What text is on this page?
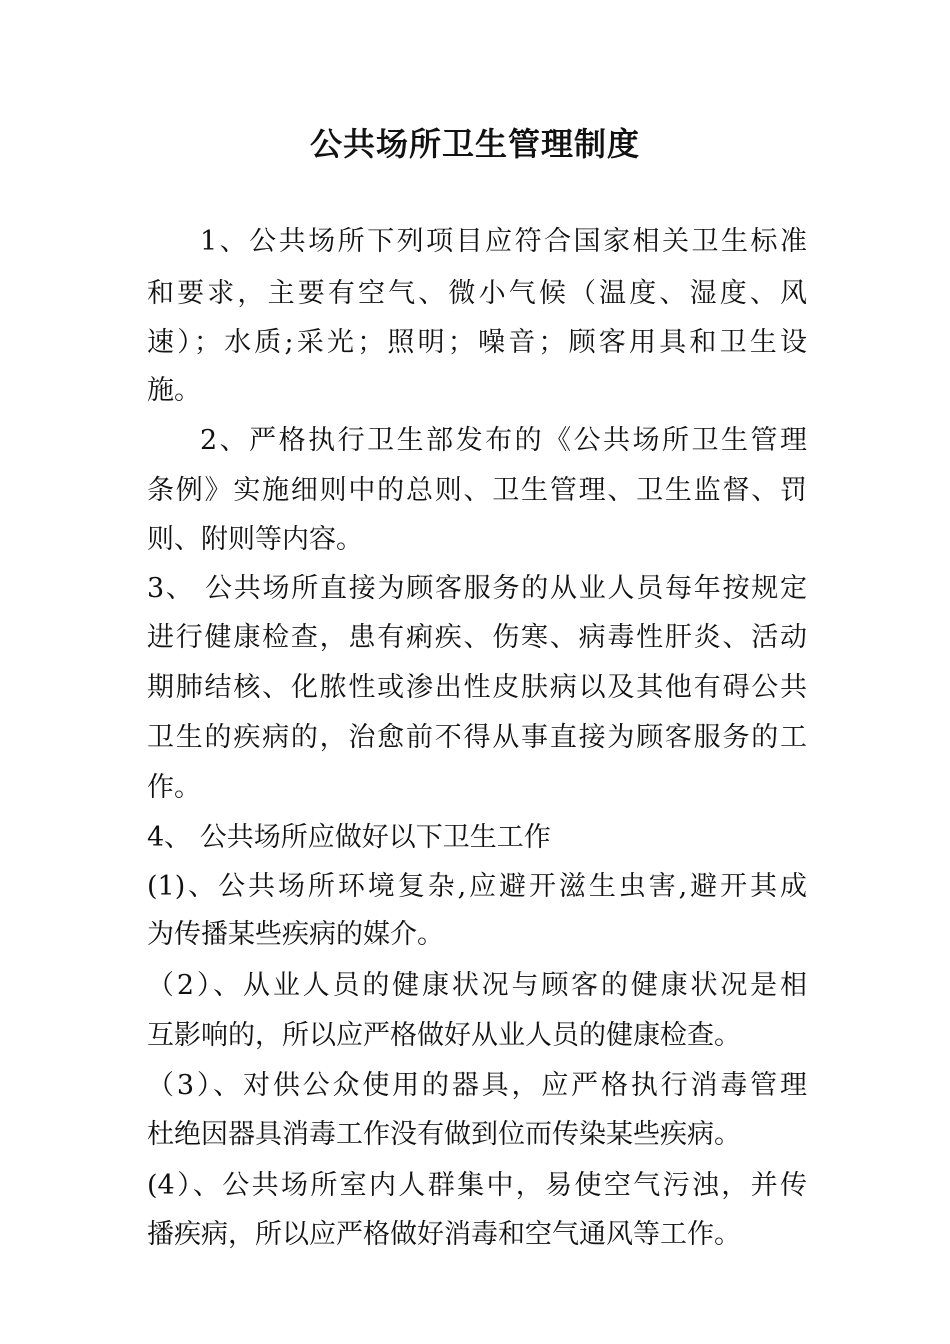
公共场所卫生管理制度
1、公共场所下列项目应符合国家相关卫生标准
和要求，主要有空气、微小气候（温度、湿度、风
速）；水质;采光；照明；噪音；顾客用具和卫生设
施。
2、严格执行卫生部发布的《公共场所卫生管理
条例》实施细则中的总则、卫生管理、卫生监督、罚
则、附则等内容。
3、 公共场所直接为顾客服务的从业人员每年按规定
进行健康检查，患有痢疾、伤寒、病毒性肝炎、活动
期肺结核、化脓性或渗出性皮肤病以及其他有碍公共
卫生的疾病的，治愈前不得从事直接为顾客服务的工
作。
4、 公共场所应做好以下卫生工作
(1)、公共场所环境复杂,应避开滋生虫害,避开其成
为传播某些疾病的媒介。
（2）、从业人员的健康状况与顾客的健康状况是相
互影响的，所以应严格做好从业人员的健康检查。
（3）、对供公众使用的器具，应严格执行消毒管理
杜绝因器具消毒工作没有做到位而传染某些疾病。
(4）、公共场所室内人群集中，易使空气污浊，并传
播疾病，所以应严格做好消毒和空气通风等工作。
